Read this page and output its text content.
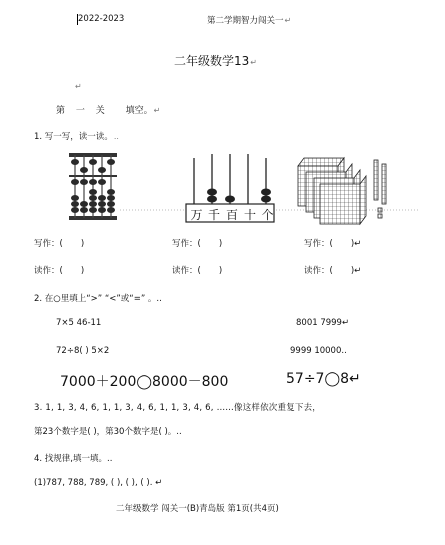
2022-2023	第二学期智力闯关一↵
二年级数学13↵
↵
第 一 关 填空。↵
1. 写一写，读一读。..
万 千 百 十 个
写作：( )	写作：( )	写作：( )↵
读作：( )	读作：( )	读作：( )↵
2. 在○里填上“>” “<”或“=” 。..
7×5 46-11	8001 7999↵
72÷8( ) 5×2	9999 10000..
7000＋200◯8000－800	57÷7◯8↵
3. 1, 1, 3, 4, 6, 1, 1, 3, 4, 6, 1, 1, 3, 4, 6, ……像这样依次重复下去，
第23个数字是( )，第30个数字是( )。..
4. 找规律,填一填。..
(1)787, 788, 789, ( ), ( ), ( ). ↵
二年级数学 闯关一(B)青岛版 第1页(共4页)
